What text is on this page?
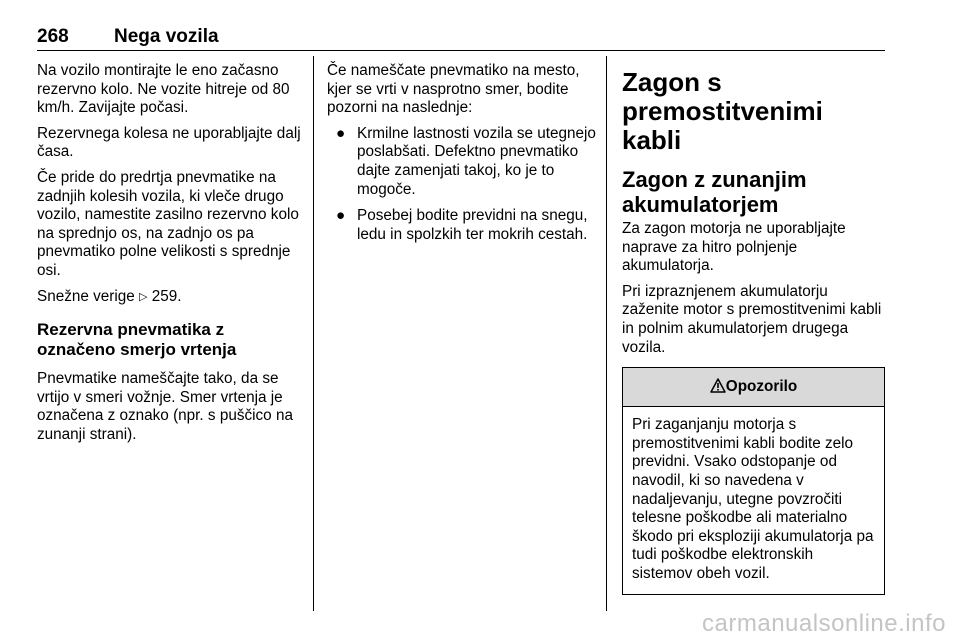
268 Nega vozila

Na vozilo montirajte le eno začasno rezervno kolo. Ne vozite hitreje od 80 km/h. Zavijajte počasi.

Rezervnega kolesa ne uporabljajte dalj časa.

Če pride do predrtja pnevmatike na zadnjih kolesih vozila, ki vleče drugo vozilo, namestite zasilno rezervno kolo na sprednjo os, na zadnjo os pa pnevmatiko polne velikosti s sprednje osi.

Snežne verige ▷ 259.

Rezervna pnevmatika z označeno smerjo vrtenja

Pnevmatike nameščajte tako, da se vrtijo v smeri vožnje. Smer vrtenja je označena z oznako (npr. s puščico na zunanji strani).

Če nameščate pnevmatiko na mesto, kjer se vrti v nasprotno smer, bodite pozorni na naslednje:

● Krmilne lastnosti vozila se utegnejo poslabšati. Defektno pnevmatiko dajte zamenjati takoj, ko je to mogoče.
● Posebej bodite previdni na snegu, ledu in spolzkih ter mokrih cestah.
Zagon s premostitvenimi kabli
Zagon z zunanjim akumulatorjem

Za zagon motorja ne uporabljajte naprave za hitro polnjenje akumulatorja.

Pri izpraznjenem akumulatorju zaženite motor s premostitvenimi kabli in polnim akumulatorjem drugega vozila.

Opozorilo
Pri zaganjanju motorja s premostitvenimi kabli bodite zelo previdni. Vsako odstopanje od navodil, ki so navedena v nadaljevanju, utegne povzročiti telesne poškodbe ali materialno škodo pri eksploziji akumulatorja pa tudi poškodbe elektronskih sistemov obeh vozil.
carmanualsonline.info
